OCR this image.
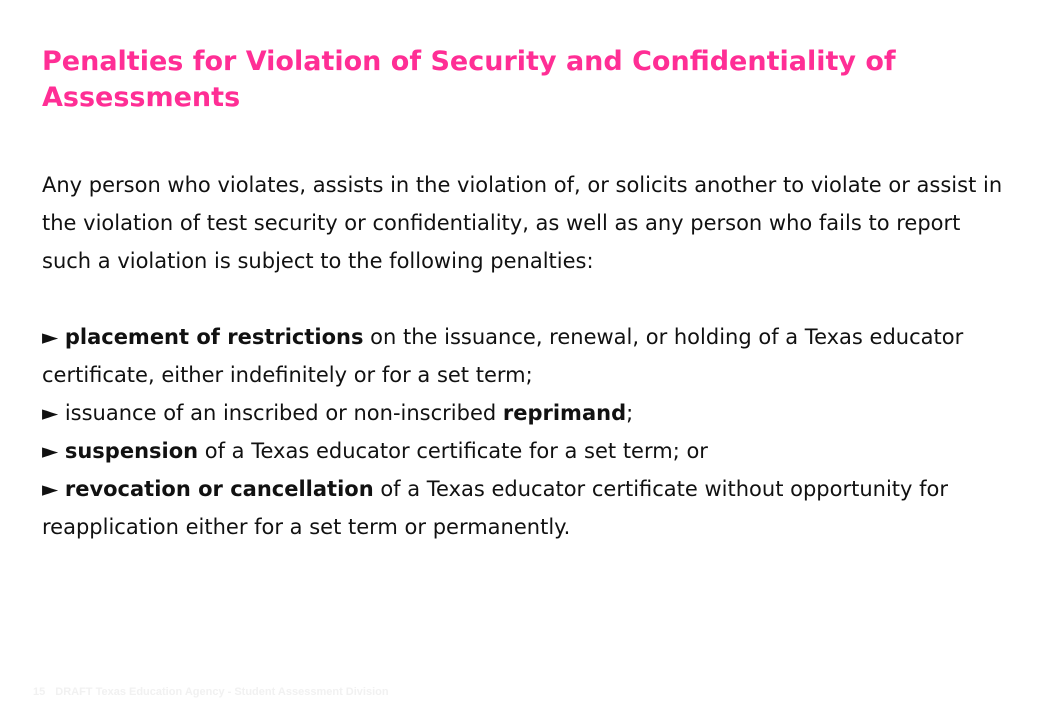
Penalties for Violation of Security and Confidentiality of Assessments

Any person who violates, assists in the violation of, or solicits another to violate or assist in the violation of test security or confidentiality, as well as any person who fails to report such a violation is subject to the following penalties:

► placement of restrictions on the issuance, renewal, or holding of a Texas educator certificate, either indefinitely or for a set term;

► issuance of an inscribed or non-inscribed reprimand;

► suspension of a Texas educator certificate for a set term; or

► revocation or cancellation of a Texas educator certificate without opportunity for reapplication either for a set term or permanently.

15 DRAFT Texas Education Agency - Student Assessment Division
